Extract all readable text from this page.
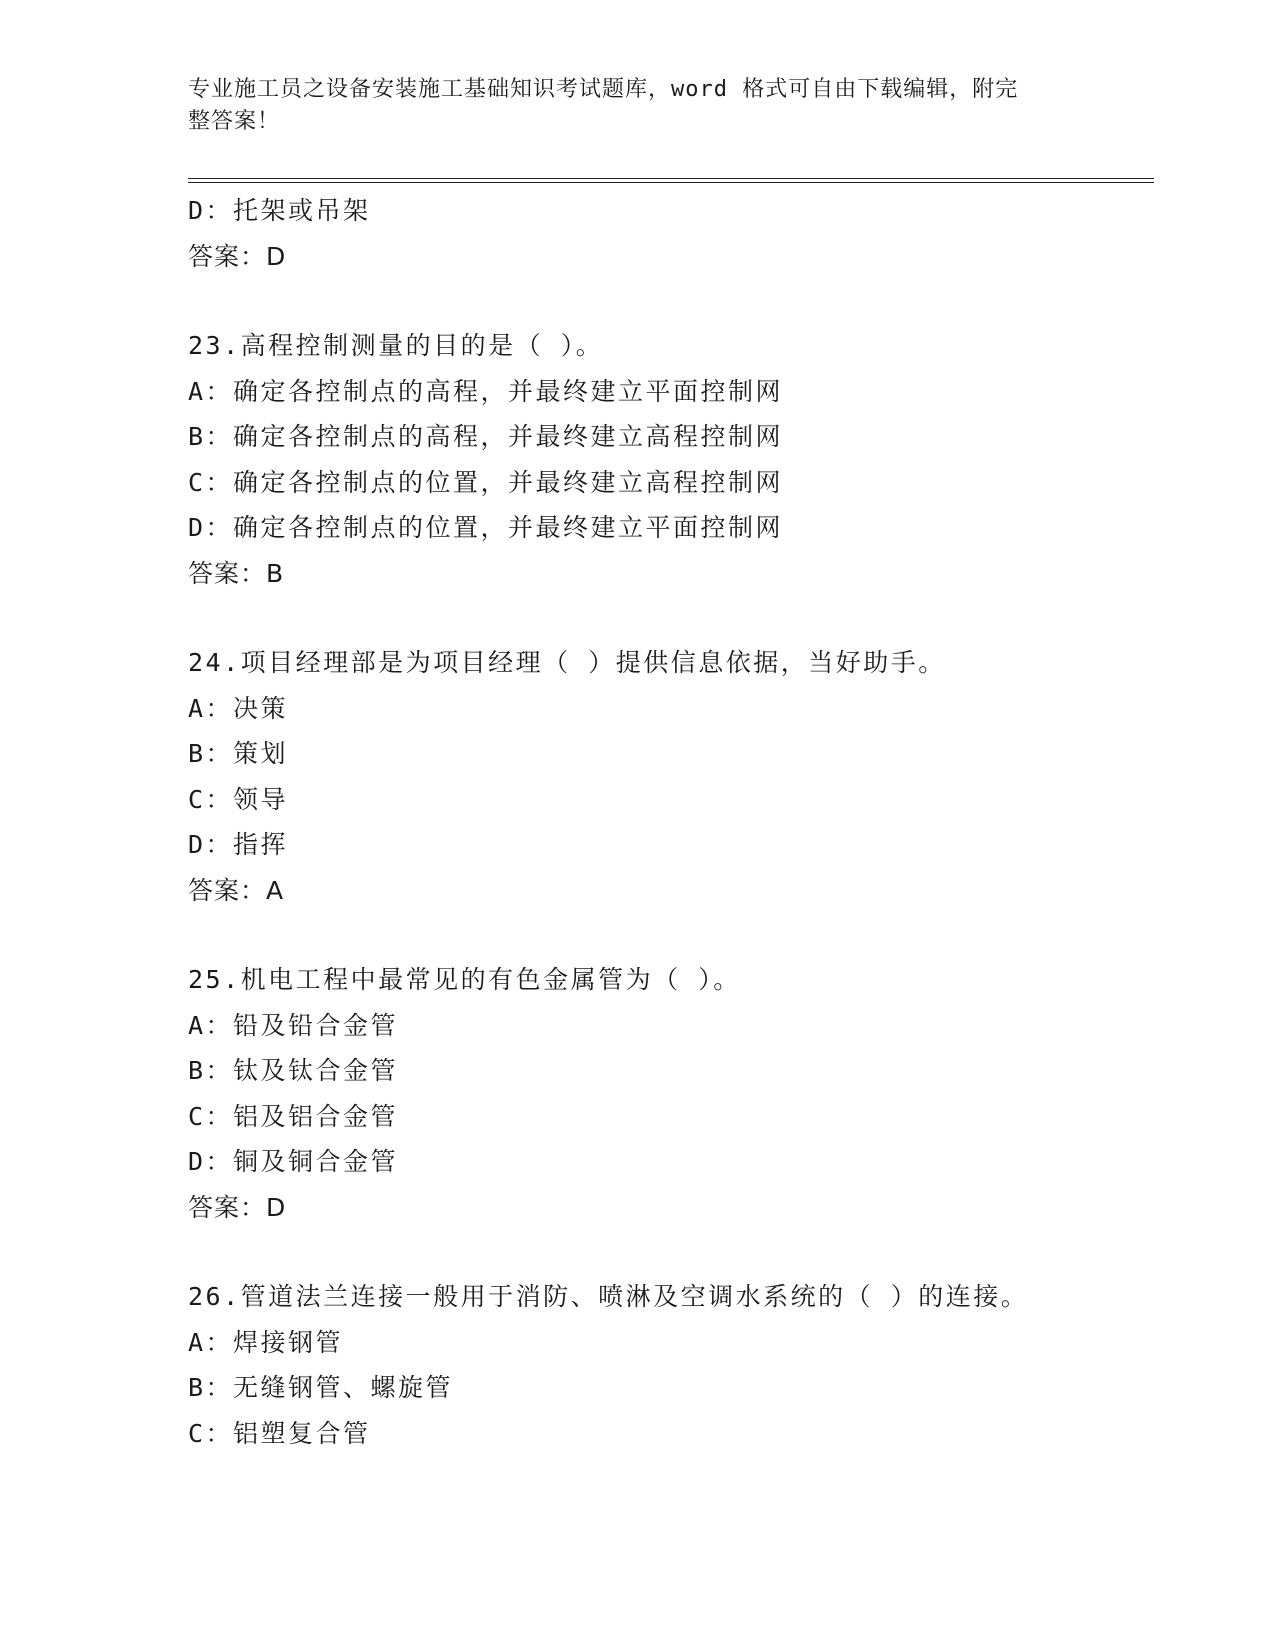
专业施工员之设备安装施工基础知识考试题库，word 格式可自由下载编辑，附完
整答案！
D：托架或吊架
答案：D
23.高程控制测量的目的是（ ）。
A：确定各控制点的高程，并最终建立平面控制网
B：确定各控制点的高程，并最终建立高程控制网
C：确定各控制点的位置，并最终建立高程控制网
D：确定各控制点的位置，并最终建立平面控制网
答案：B
24.项目经理部是为项目经理（ ）提供信息依据，当好助手。
A：决策
B：策划
C：领导
D：指挥
答案：A
25.机电工程中最常见的有色金属管为（ ）。
A：铅及铅合金管
B：钛及钛合金管
C：铝及铝合金管
D：铜及铜合金管
答案：D
26.管道法兰连接一般用于消防、喷淋及空调水系统的（ ）的连接。
A：焊接钢管
B：无缝钢管、螺旋管
C：铝塑复合管
